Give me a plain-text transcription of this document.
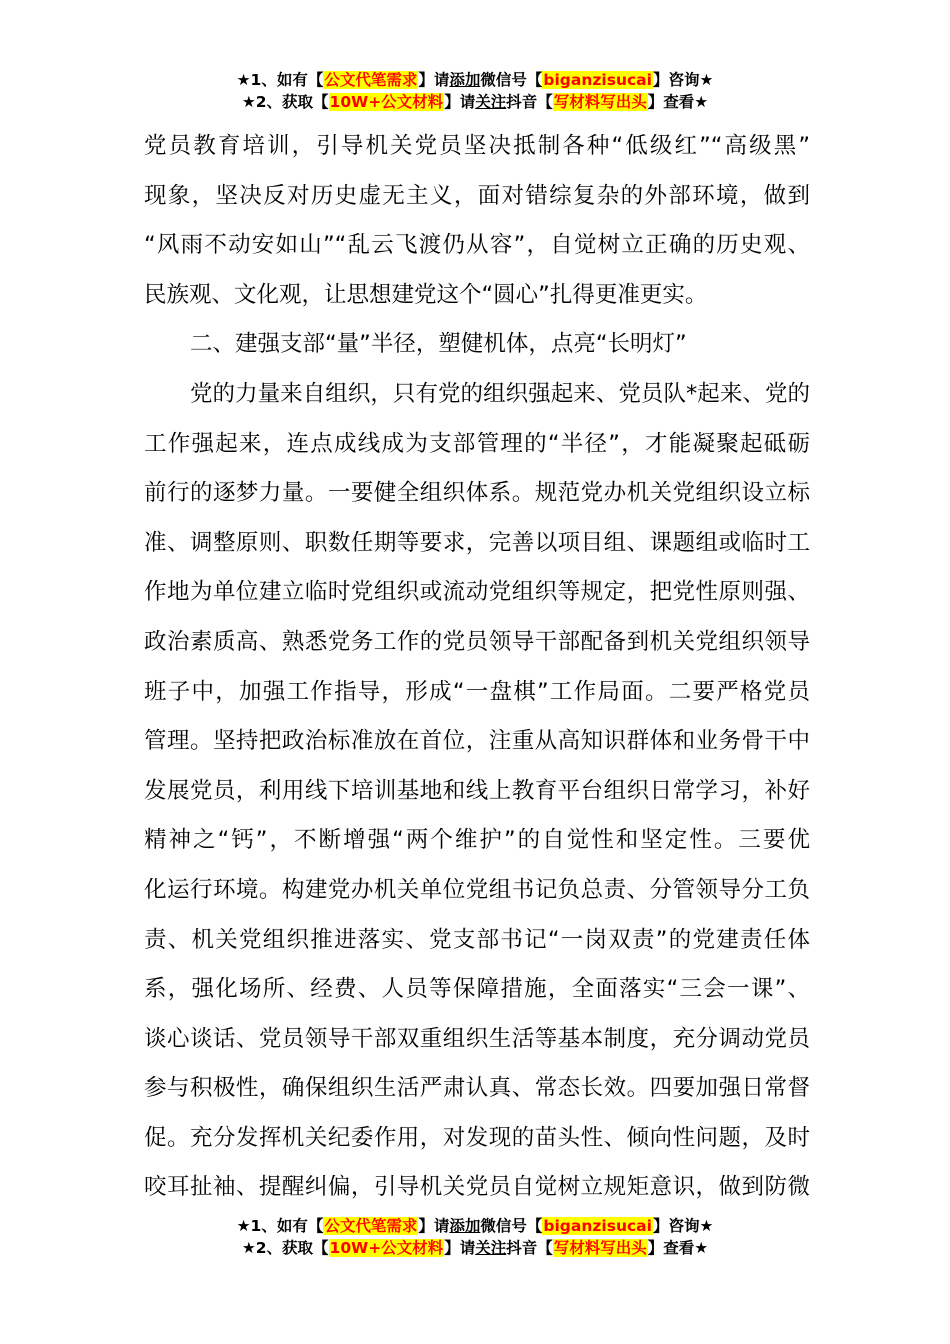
★1、如有【公文代笔需求】请添加微信号【biganzisucai】咨询★
★2、获取【10W+公文材料】请关注抖音【写材料写出头】查看★
党员教育培训，引导机关党员坚决抵制各种“低级红”“高级黑”
现象，坚决反对历史虚无主义，面对错综复杂的外部环境，做到
“风雨不动安如山”“乱云飞渡仍从容”，自觉树立正确的历史观、
民族观、文化观，让思想建党这个“圆心”扎得更准更实。
二、建强支部“量”半径，塑健机体，点亮“长明灯”
党的力量来自组织，只有党的组织强起来、党员队*起来、党的
工作强起来，连点成线成为支部管理的“半径”，才能凝聚起砥砺
前行的逐梦力量。一要健全组织体系。规范党办机关党组织设立标
准、调整原则、职数任期等要求，完善以项目组、课题组或临时工
作地为单位建立临时党组织或流动党组织等规定，把党性原则强、
政治素质高、熟悉党务工作的党员领导干部配备到机关党组织领导
班子中，加强工作指导，形成“一盘棋”工作局面。二要严格党员
管理。坚持把政治标准放在首位，注重从高知识群体和业务骨干中
发展党员，利用线下培训基地和线上教育平台组织日常学习，补好
精神之“钙”，不断增强“两个维护”的自觉性和坚定性。三要优
化运行环境。构建党办机关单位党组书记负总责、分管领导分工负
责、机关党组织推进落实、党支部书记“一岗双责”的党建责任体
系，强化场所、经费、人员等保障措施，全面落实“三会一课”、
谈心谈话、党员领导干部双重组织生活等基本制度，充分调动党员
参与积极性，确保组织生活严肃认真、常态长效。四要加强日常督
促。充分发挥机关纪委作用，对发现的苗头性、倾向性问题，及时
咬耳扯袖、提醒纠偏，引导机关党员自觉树立规矩意识，做到防微
★1、如有【公文代笔需求】请添加微信号【biganzisucai】咨询★
★2、获取【10W+公文材料】请关注抖音【写材料写出头】查看★
